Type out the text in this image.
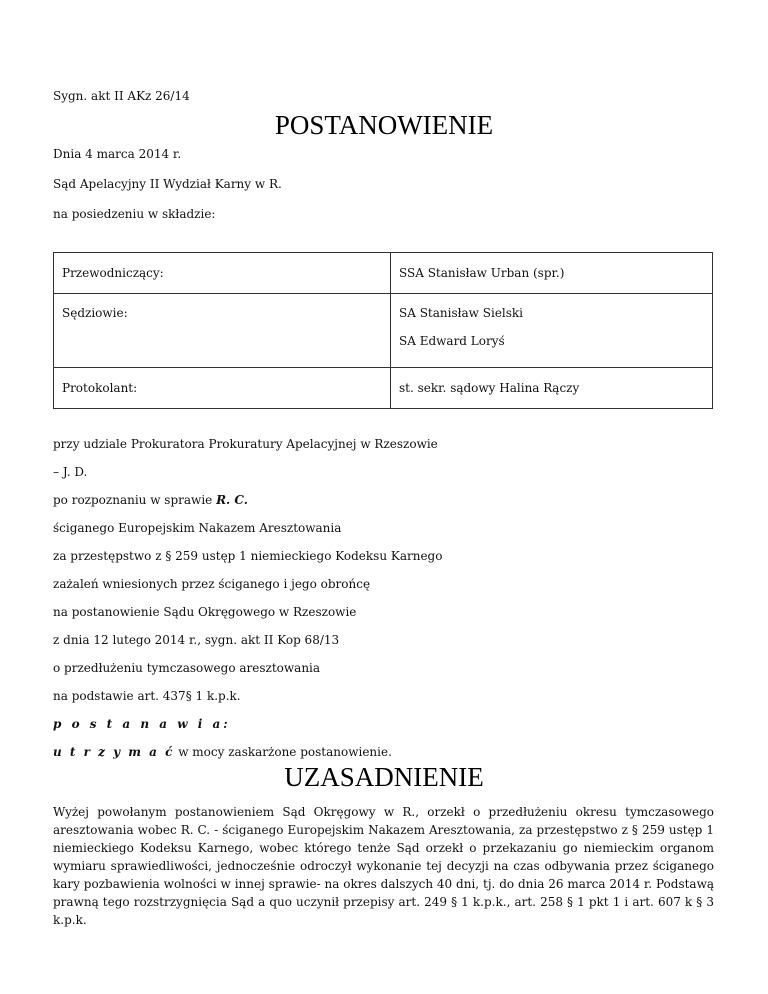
Sygn. akt II AKz 26/14
POSTANOWIENIE
Dnia 4 marca 2014 r.
Sąd Apelacyjny II Wydział Karny w R.
na posiedzeniu w składzie:
Przewodniczący:	SSA Stanisław Urban (spr.)

Sędziowie:	SA Stanisław Sielski
SA Edward Loryś

Protokolant:	st. sekr. sądowy Halina Rączy
przy udziale Prokuratora Prokuratury Apelacyjnej w Rzeszowie
– J. D.
po rozpoznaniu w sprawie R. C.
ściganego Europejskim Nakazem Aresztowania
za przestępstwo z § 259 ustęp 1 niemieckiego Kodeksu Karnego
zażaleń wniesionych przez ściganego i jego obrońcę
na postanowienie Sądu Okręgowego w Rzeszowie
z dnia 12 lutego 2014 r., sygn. akt II Kop 68/13
o przedłużeniu tymczasowego aresztowania
na podstawie art. 437§ 1 k.p.k.
p o s t a n a w i a:
u t r z y m a ć w mocy zaskarżone postanowienie.
UZASADNIENIE
Wyżej powołanym postanowieniem Sąd Okręgowy w R., orzekł o przedłużeniu okresu tymczasowego aresztowania wobec R. C. - ściganego Europejskim Nakazem Aresztowania, za przestępstwo z § 259 ustęp 1 niemieckiego Kodeksu Karnego, wobec którego tenże Sąd orzekł o przekazaniu go niemieckim organom wymiaru sprawiedliwości, jednocześnie odroczył wykonanie tej decyzji na czas odbywania przez ściganego kary pozbawienia wolności w innej sprawie- na okres dalszych 40 dni, tj. do dnia 26 marca 2014 r. Podstawą prawną tego rozstrzygnięcia Sąd a quo uczynił przepisy art. 249 § 1 k.p.k., art. 258 § 1 pkt 1 i art. 607 k § 3 k.p.k.
